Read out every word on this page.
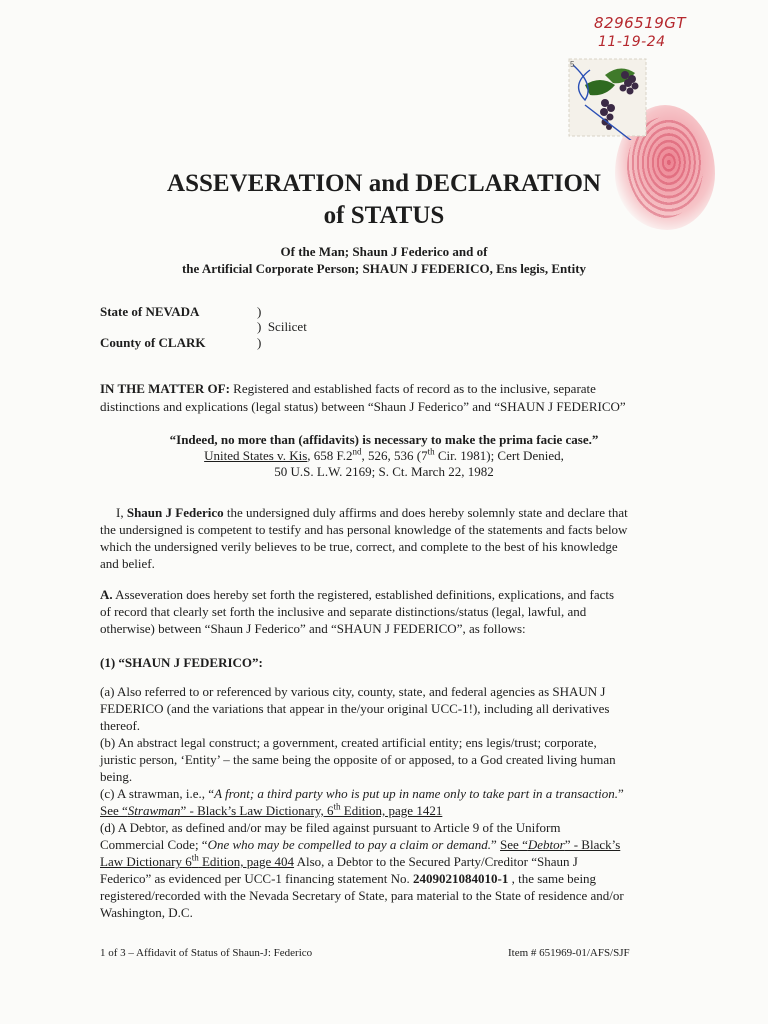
8296519GT
11-19-24
5
ASSEVERATION and DECLARATION
of STATUS
Of the Man; Shaun J Federico and of
the Artificial Corporate Person; SHAUN J FEDERICO, Ens legis, Entity
State of NEVADA	)
)  Scilicet
County of CLARK	)
IN THE MATTER OF: Registered and established facts of record as to the inclusive, separate
distinctions and explications (legal status) between “Shaun J Federico” and “SHAUN J FEDERICO”
“Indeed, no more than (affidavits) is necessary to make the prima facie case.”
United States v. Kis, 658 F.2nd, 526, 536 (7th Cir. 1981); Cert Denied,
50 U.S. L.W. 2169; S. Ct. March 22, 1982
I, Shaun J Federico the undersigned duly affirms and does hereby solemnly state and declare that
the undersigned is competent to testify and has personal knowledge of the statements and facts below
which the undersigned verily believes to be true, correct, and complete to the best of his knowledge
and belief.
A. Asseveration does hereby set forth the registered, established definitions, explications, and facts
of record that clearly set forth the inclusive and separate distinctions/status (legal, lawful, and
otherwise) between “Shaun J Federico” and “SHAUN J FEDERICO”, as follows:
(1) “SHAUN J FEDERICO”:
(a) Also referred to or referenced by various city, county, state, and federal agencies as SHAUN J
FEDERICO (and the variations that appear in the/your original UCC-1!), including all derivatives
thereof.
(b) An abstract legal construct; a government, created artificial entity; ens legis/trust; corporate,
juristic person, ‘Entity’ – the same being the opposite of or apposed, to a God created living human
being.
(c) A strawman, i.e., “A front; a third party who is put up in name only to take part in a transaction.”
See “Strawman” - Black’s Law Dictionary, 6th Edition, page 1421
(d) A Debtor, as defined and/or may be filed against pursuant to Article 9 of the Uniform
Commercial Code; “One who may be compelled to pay a claim or demand.” See “Debtor” - Black’s
Law Dictionary 6th Edition, page 404 Also, a Debtor to the Secured Party/Creditor “Shaun J
Federico” as evidenced per UCC-1 financing statement No. 2409021084010-1 , the same being
registered/recorded with the Nevada Secretary of State, para material to the State of residence and/or
Washington, D.C.
1 of 3 – Affidavit of Status of Shaun-J: Federico	Item # 651969-01/AFS/SJF
